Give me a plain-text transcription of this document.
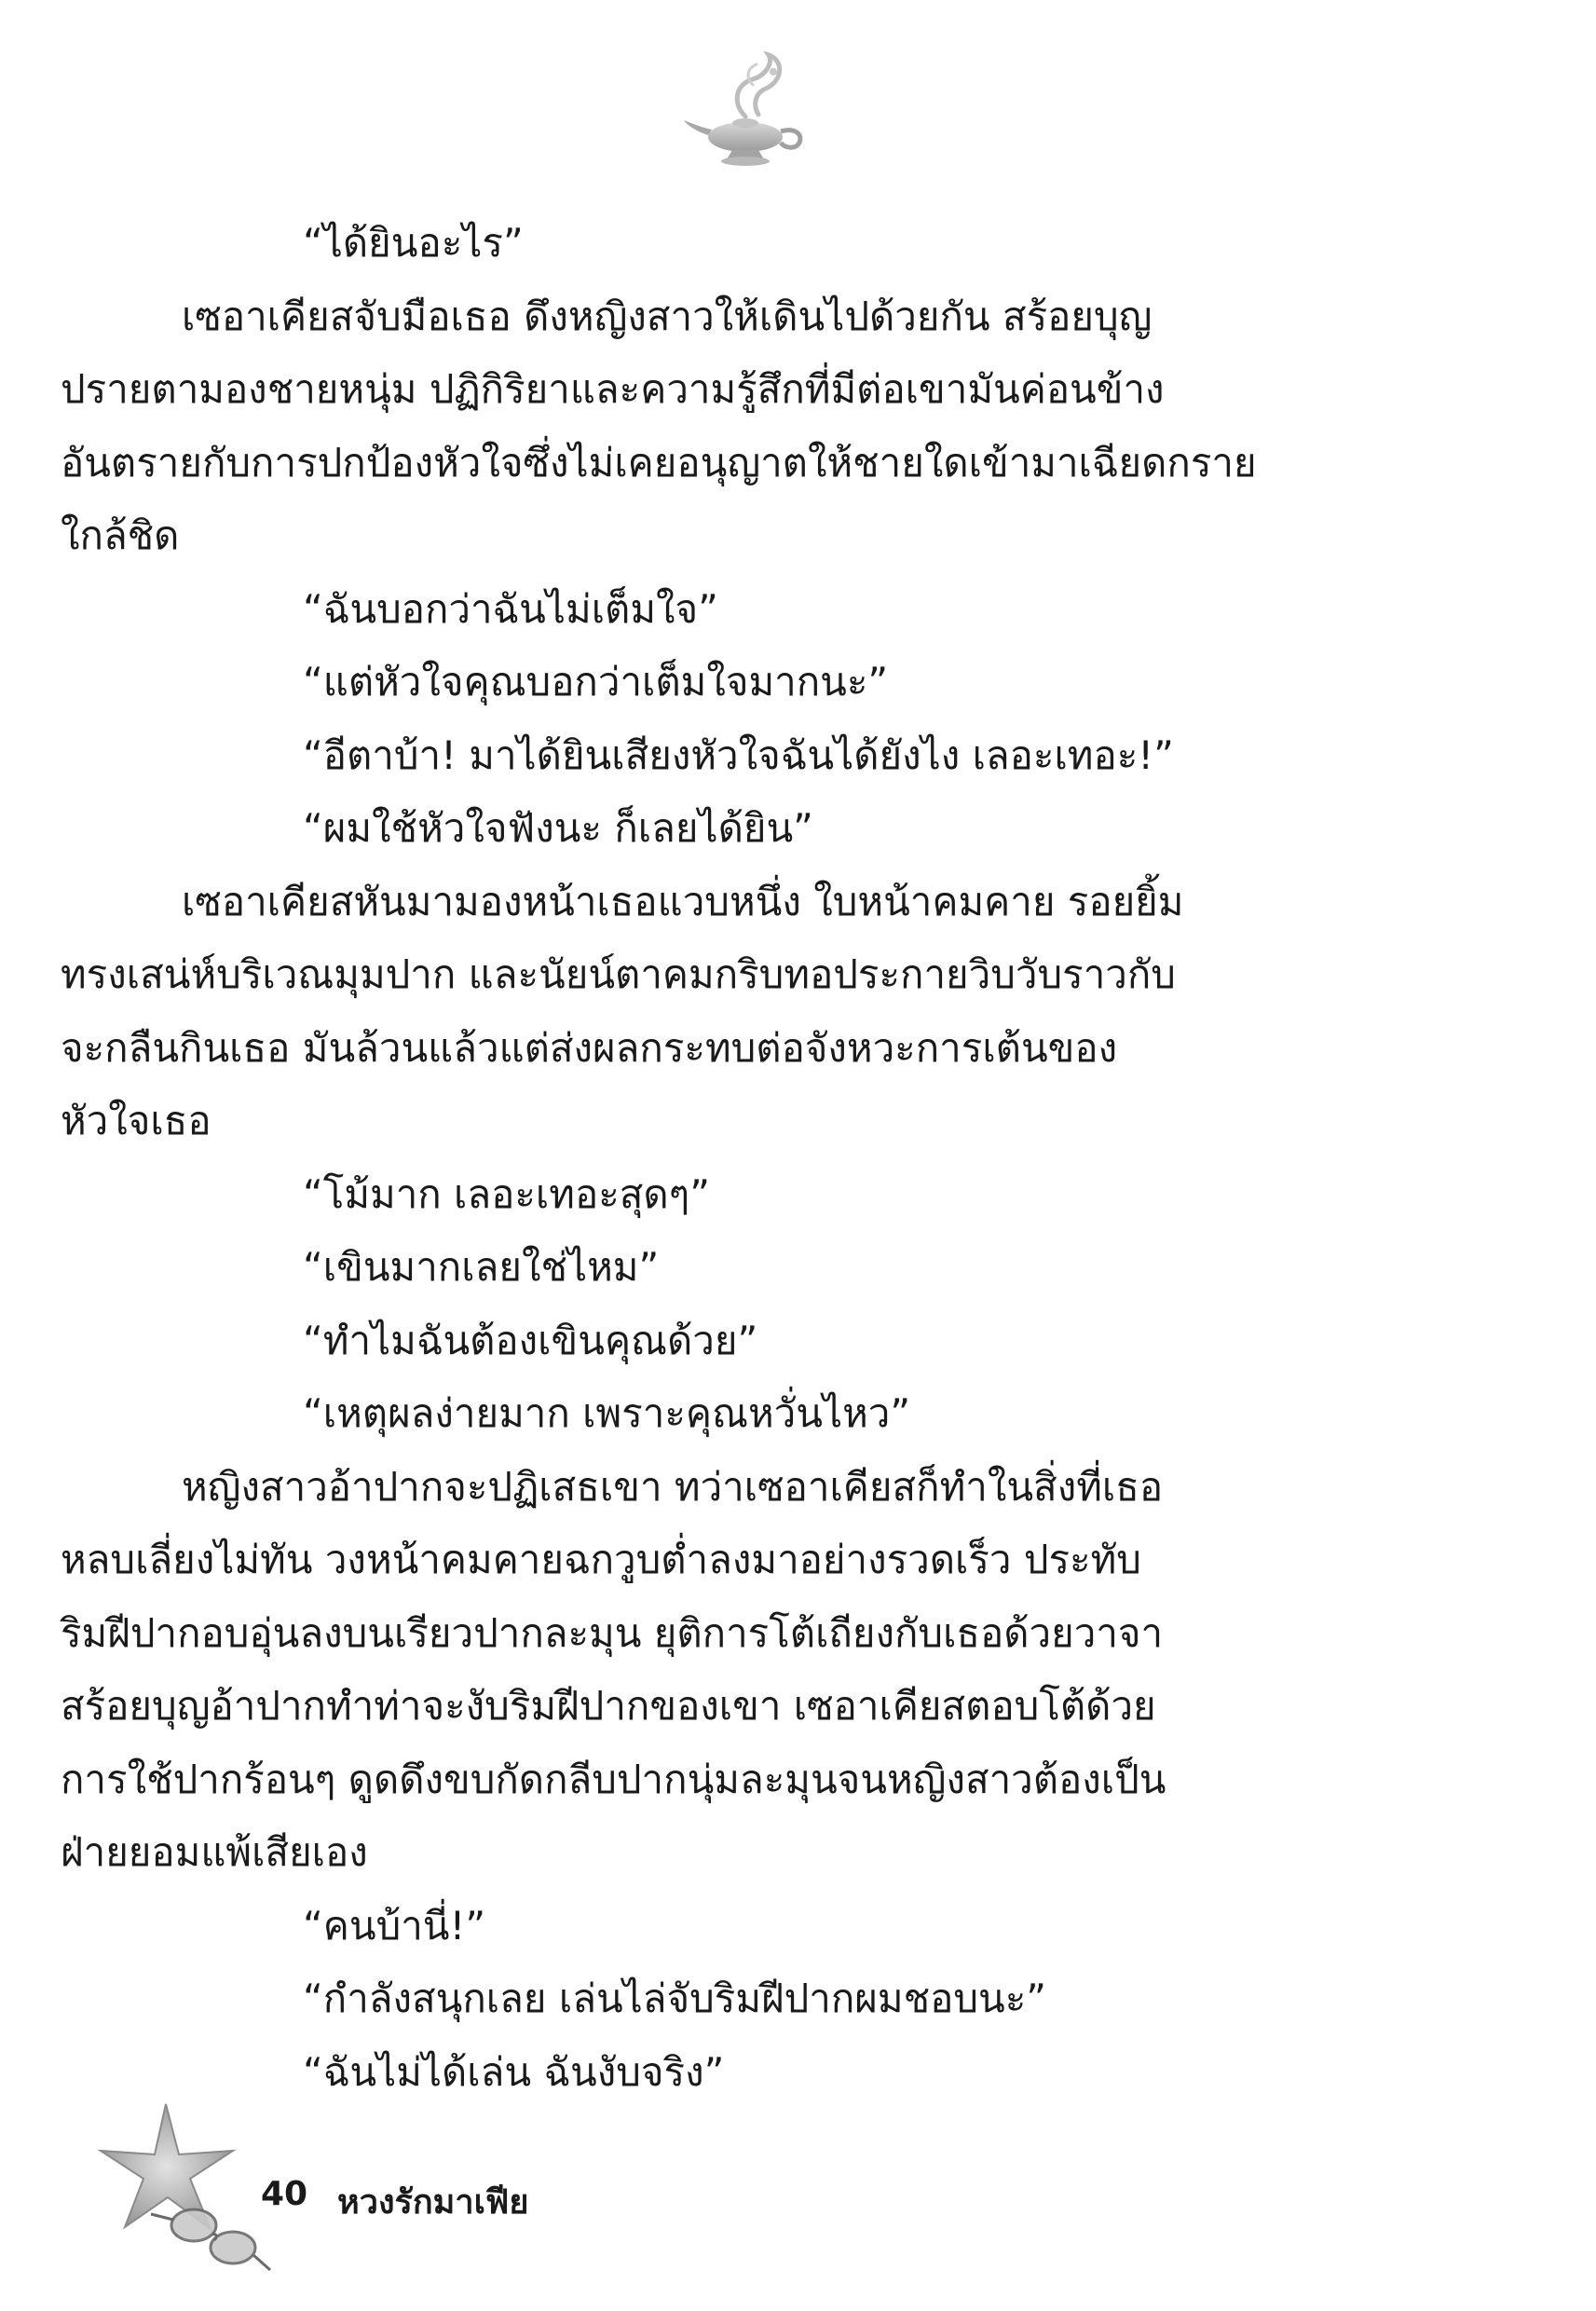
“ได้ยินอะไร”

เซอาเคียสจับมือเธอ ดึงหญิงสาวให้เดินไปด้วยกัน สร้อยบุญ

ปรายตามองชายหนุ่ม ปฏิกิริยาและความรู้สึกที่มีต่อเขามันค่อนข้าง

อันตรายกับการปกป้องหัวใจซึ่งไม่เคยอนุญาตให้ชายใดเข้ามาเฉียดกราย

ใกล้ชิด

“ฉันบอกว่าฉันไม่เต็มใจ”

“แต่หัวใจคุณบอกว่าเต็มใจมากนะ”

“อีตาบ้า! มาได้ยินเสียงหัวใจฉันได้ยังไง เลอะเทอะ!”

“ผมใช้หัวใจฟังนะ ก็เลยได้ยิน”

เซอาเคียสหันมามองหน้าเธอแวบหนึ่ง ใบหน้าคมคาย รอยยิ้ม

ทรงเสน่ห์บริเวณมุมปาก และนัยน์ตาคมกริบทอประกายวิบวับราวกับ

จะกลืนกินเธอ มันล้วนแล้วแต่ส่งผลกระทบต่อจังหวะการเต้นของ

หัวใจเธอ

“โม้มาก เลอะเทอะสุดๆ”

“เขินมากเลยใช่ไหม”

“ทำไมฉันต้องเขินคุณด้วย”

“เหตุผลง่ายมาก เพราะคุณหวั่นไหว”

หญิงสาวอ้าปากจะปฏิเสธเขา ทว่าเซอาเคียสก็ทำในสิ่งที่เธอ

หลบเลี่ยงไม่ทัน วงหน้าคมคายฉกวูบต่ำลงมาอย่างรวดเร็ว ประทับ

ริมฝีปากอบอุ่นลงบนเรียวปากละมุน ยุติการโต้เถียงกับเธอด้วยวาจา

สร้อยบุญอ้าปากทำท่าจะงับริมฝีปากของเขา เซอาเคียสตอบโต้ด้วย

การใช้ปากร้อนๆ ดูดดึงขบกัดกลีบปากนุ่มละมุนจนหญิงสาวต้องเป็น

ฝ่ายยอมแพ้เสียเอง

“คนบ้านี่!”

“กำลังสนุกเลย เล่นไล่จับริมฝีปากผมชอบนะ”

“ฉันไม่ได้เล่น ฉันงับจริง”

40 หวงรักมาเฟีย
